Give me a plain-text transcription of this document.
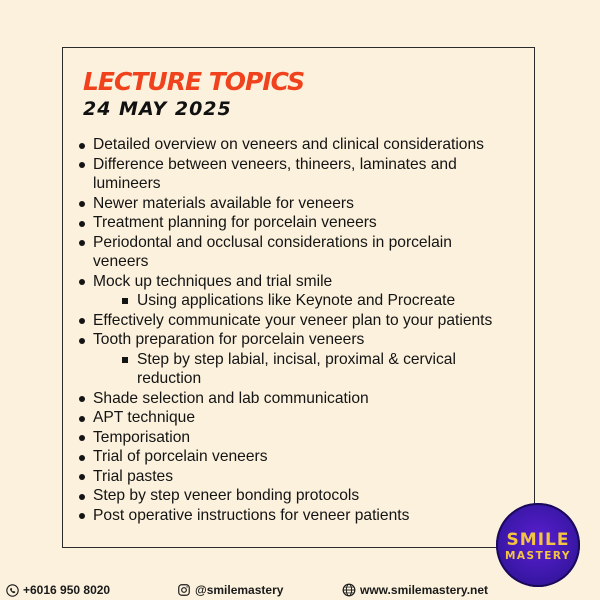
LECTURE TOPICS
24 MAY 2025
Detailed overview on veneers and clinical considerations
Difference between veneers, thineers, laminates and
lumineers
Newer materials available for veneers
Treatment planning for porcelain veneers
Periodontal and occlusal considerations in porcelain
veneers
Mock up techniques and trial smile
Using applications like Keynote and Procreate
Effectively communicate your veneer plan to your patients
Tooth preparation for porcelain veneers
Step by step labial, incisal, proximal & cervical
reduction
Shade selection and lab communication
APT technique
Temporisation
Trial of porcelain veneers
Trial pastes
Step by step veneer bonding protocols
Post operative instructions for veneer patients
SMILE
MASTERY
+6016 950 8020	@smilemastery	www.smilemastery.net
